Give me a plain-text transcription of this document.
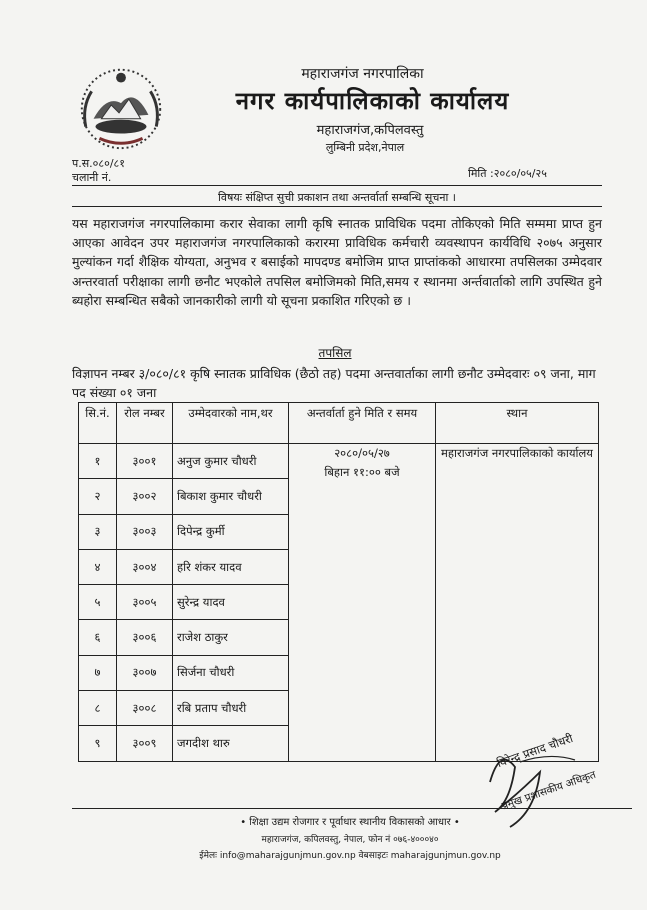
महाराजगंज नगरपालिका
नगर कार्यपालिकाको कार्यालय
महाराजगंज,कपिलवस्तु
लुम्बिनी प्रदेश,नेपाल
प.स.०८०/८१
चलानी नं.	मिति :२०८०/०५/२५
विषयः संक्षिप्त सुची प्रकाशन तथा अन्तर्वार्ता सम्बन्धि सूचना ।
यस महाराजगंज नगरपालिकामा करार सेवाका लागी कृषि स्नातक प्राविधिक पदमा तोकिएको मिति सम्ममा प्राप्त हुन आएका आवेदन उपर महाराजगंज नगरपालिकाको करारमा प्राविधिक कर्मचारी व्यवस्थापन कार्यविधि २०७५ अनुसार मुल्यांकन गर्दा शैक्षिक योग्यता, अनुभव र बसाईको मापदण्ड बमोजिम प्राप्त प्राप्तांकको आधारमा तपसिलका उम्मेदवार अन्तरवार्ता परीक्षाका लागी छनौट भएकोले तपसिल बमोजिमको मिति,समय र स्थानमा अर्न्तवार्ताको लागि उपस्थित हुने ब्यहोरा सम्बन्धित सबैको जानकारीको लागी यो सूचना प्रकाशित गरिएको छ ।
तपसिल
विज्ञापन नम्बर ३/०८०/८१ कृषि स्नातक प्राविधिक (छैठो तह) पदमा अन्तवार्ताका लागी छनौट उम्मेदवारः ०९ जना, माग पद संख्या ०१ जना
सि.नं.	रोल नम्बर	उम्मेदवारको नाम,थर	अन्तर्वार्ता हुने मिति र समय	स्थान
१	३००१	अनुज कुमार चौधरी	२०८०/०५/२७
बिहान ११:०० बजे	महाराजगंज नगरपालिकाको कार्यालय
२	३००२	बिकाश कुमार चौधरी		
३	३००३	दिपेन्द्र कुर्मी		
४	३००४	हरि शंकर यादव		
५	३००५	सुरेन्द्र यादव		
६	३००६	राजेश ठाकुर		
७	३००७	सिर्जना चौधरी		
८	३००८	रबि प्रताप चौधरी		
९	३००९	जगदीश थारु			विरेन्द्र प्रसाद चौधरी
प्रमुख प्रशासकीय अधिकृत
• शिक्षा उद्यम रोजगार र पूर्वाधार स्थानीय विकासको आधार •
महाराजगंज, कपिलवस्तु, नेपाल, फोन नं ०७६-४०००४०
ईमेलः info@maharajgunjmun.gov.np वेबसाइटः maharajgunjmun.gov.np
